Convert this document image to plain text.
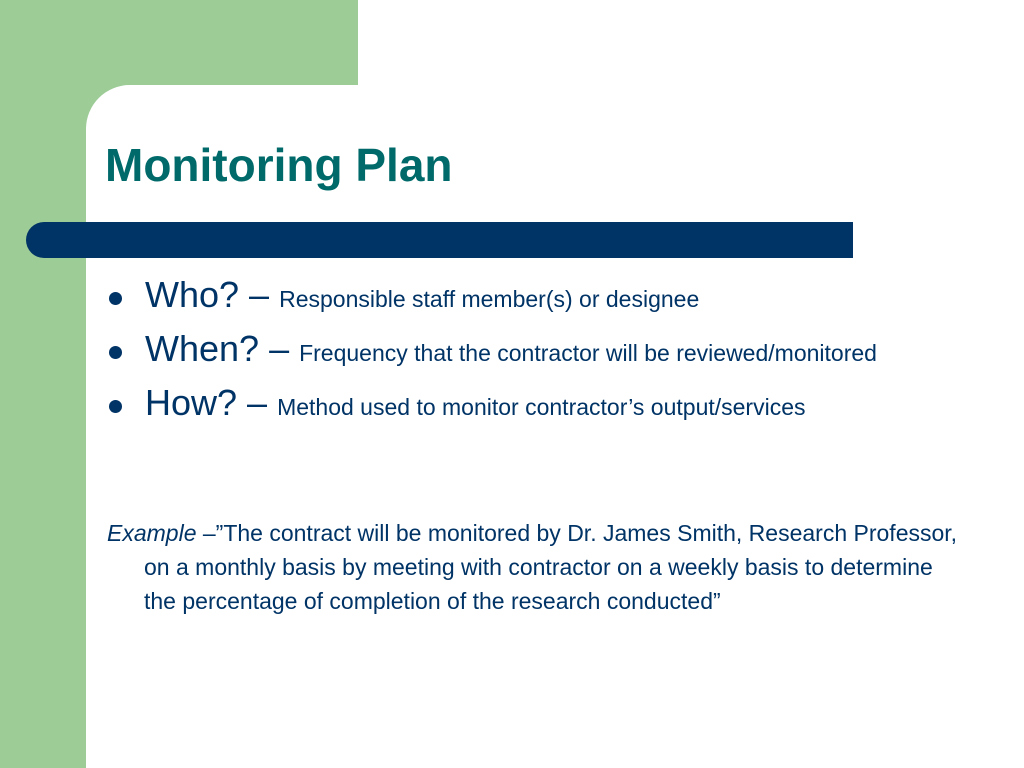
Monitoring Plan
Who? – Responsible staff member(s) or designee
When? – Frequency that the contractor will be reviewed/monitored
How? – Method used to monitor contractor’s output/services

Example –”The contract will be monitored by Dr. James Smith, Research Professor, on a monthly basis by meeting with contractor on a weekly basis to determine the percentage of completion of the research conducted”
